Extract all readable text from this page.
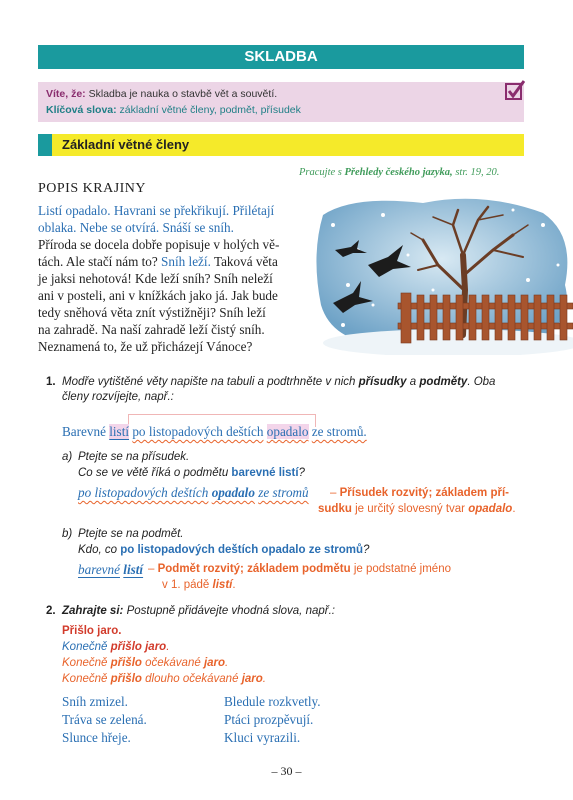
SKLADBA
Víte, že: Skladba je nauka o stavbě vět a souvětí.
Klíčová slova: základní větné členy, podmět, přísudek
Základní větné členy
Pracujte s Přehledy českého jazyka, str. 19, 20.
POPIS KRAJINY
Listí opadalo. Havrani se překřikují. Přilétají
oblaka. Nebe se otvírá. Snáší se sníh.
Příroda se docela dobře popisuje v holých vě-
tách. Ale stačí nám to? Sníh leží. Taková věta
je jaksi nehotová! Kde leží sníh? Sníh neleží
ani v posteli, ani v knížkách jako já. Jak bude
tedy sněhová věta znít výstižněji? Sníh leží
na zahradě. Na naší zahradě leží čistý sníh.
Neznamená to, že už přicházejí Vánoce?
1. Modře vytištěné věty napište na tabuli a podtrhněte v nich přísudky a podměty. Oba
členy rozvíjejte, např.:
Barevné listí po listopadových deštích opadalo ze stromů.
a) Ptejte se na přísudek.
Co se ve větě říká o podmětu barevné listí?
po listopadových deštích opadalo ze stromů – Přísudek rozvitý; základem pří-
sudku je určitý slovesný tvar opadalo.
b) Ptejte se na podmět.
Kdo, co po listopadových deštích opadalo ze stromů?
barevné listí – Podmět rozvitý; základem podmětu je podstatné jméno
v 1. pádě listí.
2. Zahrajte si: Postupně přidávejte vhodná slova, např.:
Přišlo jaro.
Konečně přišlo jaro.
Konečně přišlo očekávané jaro.
Konečně přišlo dlouho očekávané jaro.
Sníh zmizel.
Tráva se zelená.
Slunce hřeje.
Bledule rozkvetly.
Ptáci prozpěvují.
Kluci vyrazili.
– 30 –
